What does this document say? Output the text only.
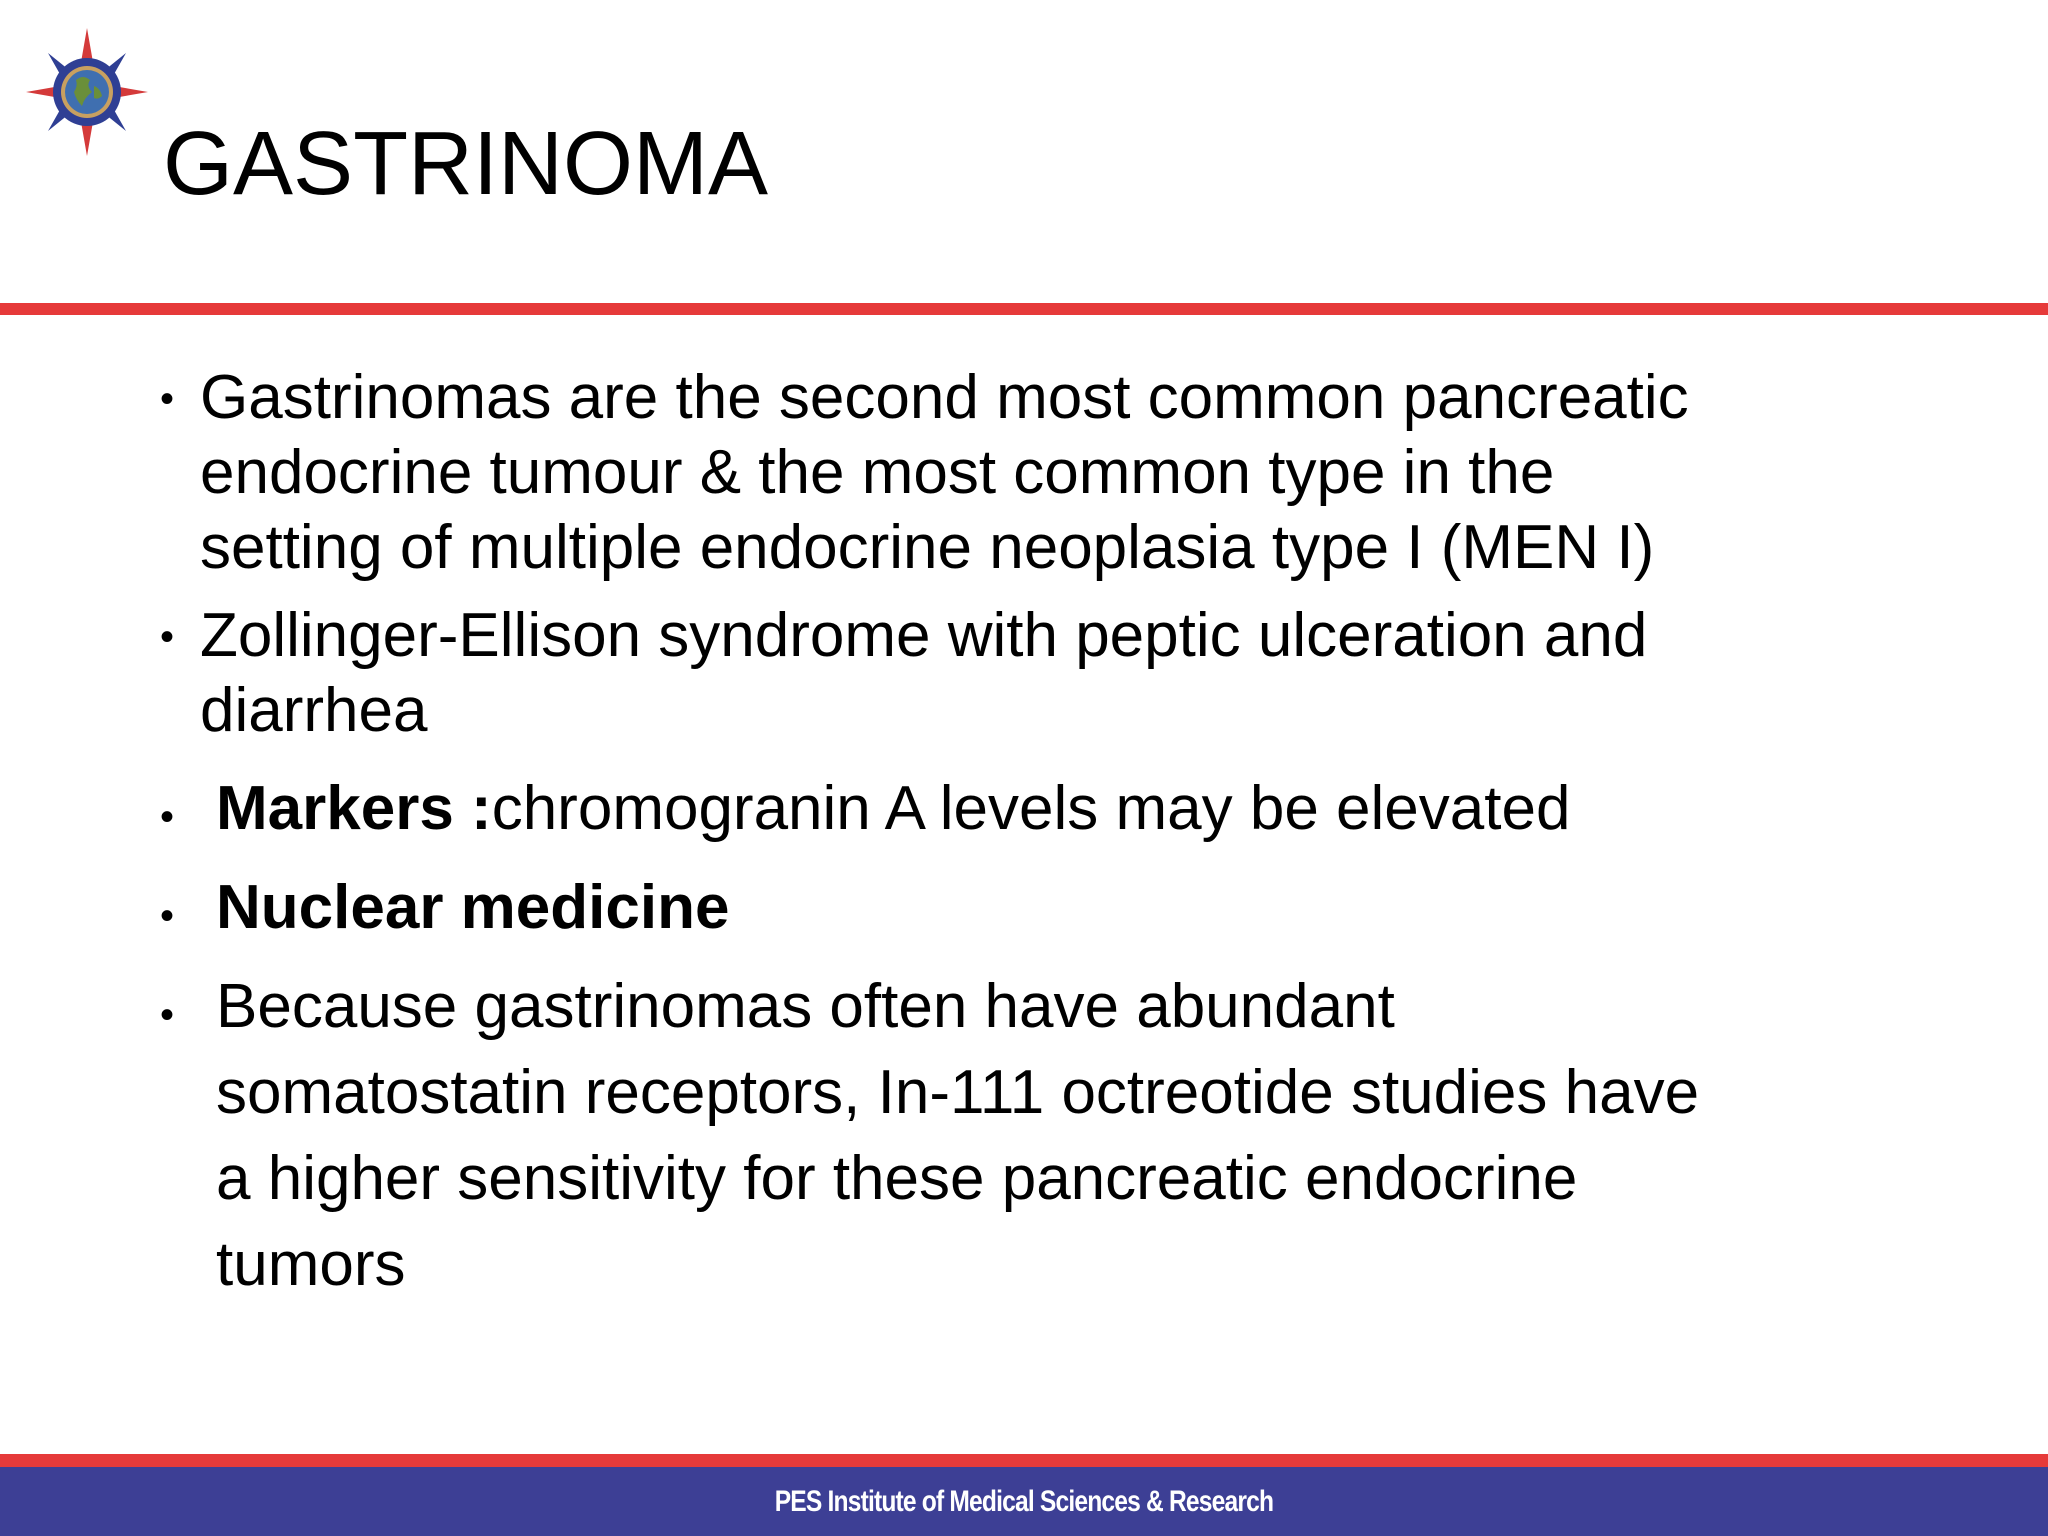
GASTRINOMA
• Gastrinomas are the second most common pancreatic
endocrine tumour & the most common type in the
setting of multiple endocrine neoplasia type I (MEN I)
• Zollinger-Ellison syndrome with peptic ulceration and
diarrhea
• Markers :chromogranin A levels may be elevated
• Nuclear medicine
• Because gastrinomas often have abundant
somatostatin receptors, In-111 octreotide studies have
a higher sensitivity for these pancreatic endocrine
tumors
PES Institute of Medical Sciences & Research
